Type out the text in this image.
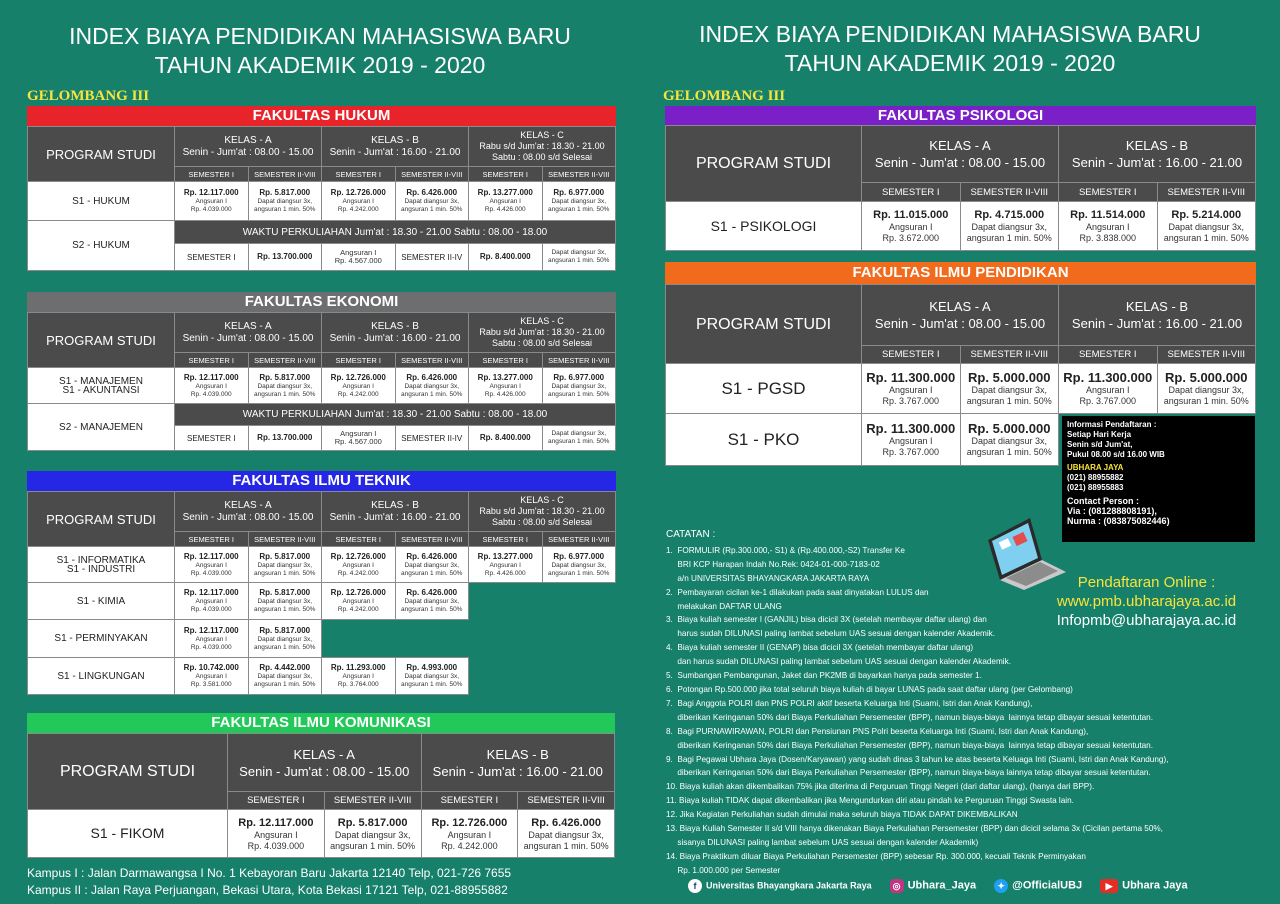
INDEX BIAYA PENDIDIKAN MAHASISWA BARU
TAHUN AKADEMIK 2019 - 2020
INDEX BIAYA PENDIDIKAN MAHASISWA BARU
TAHUN AKADEMIK 2019 - 2020
GELOMBANG III	GELOMBANG III
FAKULTAS HUKUM
PROGRAM STUDI	KELAS - A
Senin - Jum'at : 08.00 - 15.00		KELAS - B
Senin - Jum'at : 16.00 - 21.00		KELAS - C
Rabu s/d Jum'at : 18.30 - 21.00
Sabtu : 08.00 s/d Selesai	
	SEMESTER I	SEMESTER II-VIII	SEMESTER I	SEMESTER II-VIII	SEMESTER I	SEMESTER II-VIII
S1 - HUKUM	Rp. 12.117.000
Angsuran I
Rp. 4.039.000	Rp. 5.817.000
Dapat diangsur 3x,
angsuran 1 min. 50%	Rp. 12.726.000
Angsuran I
Rp. 4.242.000	Rp. 6.426.000
Dapat diangsur 3x,
angsuran 1 min. 50%	Rp. 13.277.000
Angsuran I
Rp. 4.426.000	Rp. 6.977.000
Dapat diangsur 3x,
angsuran 1 min. 50%

S2 - HUKUM	WAKTU PERKULIAHAN Jum'at : 18.30 - 21.00 Sabtu : 08.00 - 18.00					
	SEMESTER I	Rp. 13.700.000	Angsuran I
Rp. 4.567.000	SEMESTER II-IV	Rp. 8.400.000	Dapat diangsur 3x,
angsuran 1 min. 50%
FAKULTAS EKONOMI
PROGRAM STUDI	KELAS - A
Senin - Jum'at : 08.00 - 15.00		KELAS - B
Senin - Jum'at : 16.00 - 21.00		KELAS - C
Rabu s/d Jum'at : 18.30 - 21.00
Sabtu : 08.00 s/d Selesai	
	SEMESTER I	SEMESTER II-VIII	SEMESTER I	SEMESTER II-VIII	SEMESTER I	SEMESTER II-VIII
S1 - MANAJEMEN
S1 - AKUNTANSI	Rp. 12.117.000
Angsuran I
Rp. 4.039.000	Rp. 5.817.000
Dapat diangsur 3x,
angsuran 1 min. 50%	Rp. 12.726.000
Angsuran I
Rp. 4.242.000	Rp. 6.426.000
Dapat diangsur 3x,
angsuran 1 min. 50%	Rp. 13.277.000
Angsuran I
Rp. 4.426.000	Rp. 6.977.000
Dapat diangsur 3x,
angsuran 1 min. 50%

S2 - MANAJEMEN	WAKTU PERKULIAHAN Jum'at : 18.30 - 21.00 Sabtu : 08.00 - 18.00					
	SEMESTER I	Rp. 13.700.000	Angsuran I
Rp. 4.567.000	SEMESTER II-IV	Rp. 8.400.000	Dapat diangsur 3x,
angsuran 1 min. 50%
FAKULTAS ILMU TEKNIK
PROGRAM STUDI	KELAS - A
Senin - Jum'at : 08.00 - 15.00		KELAS - B
Senin - Jum'at : 16.00 - 21.00		KELAS - C
Rabu s/d Jum'at : 18.30 - 21.00
Sabtu : 08.00 s/d Selesai	
	SEMESTER I	SEMESTER II-VIII	SEMESTER I	SEMESTER II-VIII	SEMESTER I	SEMESTER II-VIII
S1 - INFORMATIKA
S1 - INDUSTRI	Rp. 12.117.000
Angsuran I
Rp. 4.039.000	Rp. 5.817.000
Dapat diangsur 3x,
angsuran 1 min. 50%	Rp. 12.726.000
Angsuran I
Rp. 4.242.000	Rp. 6.426.000
Dapat diangsur 3x,
angsuran 1 min. 50%	Rp. 13.277.000
Angsuran I
Rp. 4.426.000	Rp. 6.977.000
Dapat diangsur 3x,
angsuran 1 min. 50%

S1 - KIMIA	Rp. 12.117.000
Angsuran I
Rp. 4.039.000	Rp. 5.817.000
Dapat diangsur 3x,
angsuran 1 min. 50%	Rp. 12.726.000
Angsuran I
Rp. 4.242.000	Rp. 6.426.000
Dapat diangsur 3x,
angsuran 1 min. 50%		

S1 - PERMINYAKAN	Rp. 12.117.000
Angsuran I
Rp. 4.039.000	Rp. 5.817.000
Dapat diangsur 3x,
angsuran 1 min. 50%				

S1 - LINGKUNGAN	Rp. 10.742.000
Angsuran I
Rp. 3.581.000	Rp. 4.442.000
Dapat diangsur 3x,
angsuran 1 min. 50%	Rp. 11.293.000
Angsuran I
Rp. 3.764.000	Rp. 4.993.000
Dapat diangsur 3x,
angsuran 1 min. 50%		

FAKULTAS ILMU KOMUNIKASI
PROGRAM STUDI	KELAS - A
Senin - Jum'at : 08.00 - 15.00		KELAS - B
Senin - Jum'at : 16.00 - 21.00	
	SEMESTER I	SEMESTER II-VIII	SEMESTER I	SEMESTER II-VIII
S1 - FIKOM	Rp. 12.117.000
Angsuran I
Rp. 4.039.000	Rp. 5.817.000
Dapat diangsur 3x,
angsuran 1 min. 50%	Rp. 12.726.000
Angsuran I
Rp. 4.242.000	Rp. 6.426.000
Dapat diangsur 3x,
angsuran 1 min. 50%
FAKULTAS PSIKOLOGI
PROGRAM STUDI	KELAS - A
Senin - Jum'at : 08.00 - 15.00		KELAS - B
Senin - Jum'at : 16.00 - 21.00	
	SEMESTER I	SEMESTER II-VIII	SEMESTER I	SEMESTER II-VIII
S1 - PSIKOLOGI	Rp. 11.015.000
Angsuran I
Rp. 3.672.000	Rp. 4.715.000
Dapat diangsur 3x,
angsuran 1 min. 50%	Rp. 11.514.000
Angsuran I
Rp. 3.838.000	Rp. 5.214.000
Dapat diangsur 3x,
angsuran 1 min. 50%
FAKULTAS ILMU PENDIDIKAN
PROGRAM STUDI	KELAS - A
Senin - Jum'at : 08.00 - 15.00		KELAS - B
Senin - Jum'at : 16.00 - 21.00	
	SEMESTER I	SEMESTER II-VIII	SEMESTER I	SEMESTER II-VIII
S1 - PGSD	Rp. 11.300.000
Angsuran I
Rp. 3.767.000	Rp. 5.000.000
Dapat diangsur 3x,
angsuran 1 min. 50%	Rp. 11.300.000
Angsuran I
Rp. 3.767.000	Rp. 5.000.000
Dapat diangsur 3x,
angsuran 1 min. 50%

S1 - PKO	Rp. 11.300.000
Angsuran I
Rp. 3.767.000	Rp. 5.000.000
Dapat diangsur 3x,
angsuran 1 min. 50%		

Informasi Pendaftaran :
Setiap Hari Kerja
Senin s/d Jum'at,
Pukul 08.00 s/d 16.00 WIB
UBHARA JAYA
(021) 88955882
(021) 88955883
Contact Person :
Via : (081288808191),
Nurma : (083875082446)
Pendaftaran Online :
www.pmb.ubharajaya.ac.id
Infopmb@ubharajaya.ac.id
CATATAN :
1.  FORMULIR (Rp.300.000,- S1) & (Rp.400.000,-S2) Transfer Ke
BRI KCP Harapan Indah No.Rek: 0424-01-000-7183-02
a/n UNIVERSITAS BHAYANGKARA JAKARTA RAYA
2.  Pembayaran cicilan ke-1 dilakukan pada saat dinyatakan LULUS dan
melakukan DAFTAR ULANG
3.  Biaya kuliah semester I (GANJIL) bisa dicicil 3X (setelah membayar daftar ulang) dan
harus sudah DILUNASI paling lambat sebelum UAS sesuai dengan kalender Akademik.
4.  Biaya kuliah semester II (GENAP) bisa dicicil 3X (setelah membayar daftar ulang)
dan harus sudah DILUNASI paling lambat sebelum UAS sesuai dengan kalender Akademik.
5.  Sumbangan Pembangunan, Jaket dan PK2MB di bayarkan hanya pada semester 1.
6.  Potongan Rp.500.000 jika total seluruh biaya kuliah di bayar LUNAS pada saat daftar ulang (per Gelombang)
7.  Bagi Anggota POLRI dan PNS POLRI aktif beserta Keluarga Inti (Suami, Istri dan Anak Kandung),
diberikan Keringanan 50% dari Biaya Perkuliahan Persemester (BPP), namun biaya-biaya  lainnya tetap dibayar sesuai ketentutan.
8.  Bagi PURNAWIRAWAN, POLRI dan Pensiunan PNS Polri beserta Keluarga Inti (Suami, Istri dan Anak Kandung),
diberikan Keringanan 50% dari Biaya Perkuliahan Persemester (BPP), namun biaya-biaya  lainnya tetap dibayar sesuai ketentutan.
9.  Bagi Pegawai Ubhara Jaya (Dosen/Karyawan) yang sudah dinas 3 tahun ke atas beserta Keluaga Inti (Suami, Istri dan Anak Kandung),
diberikan Keringanan 50% dari Biaya Perkuliahan Persemester (BPP), namun biaya-biaya lainnya tetap dibayar sesuai ketentutan.
10. Biaya kuliah akan dikembalikan 75% jika diterima di Perguruan Tinggi Negeri (dari daftar ulang), (hanya dari BPP).
11. Biaya kuliah TIDAK dapat dikembalikan jika Mengundurkan diri atau pindah ke Perguruan Tinggi Swasta lain.
12. Jika Kegiatan Perkuliahan sudah dimulai maka seluruh biaya TIDAK DAPAT DIKEMBALIKAN
13. Biaya Kuliah Semester II s/d VIII hanya dikenakan Biaya Perkuliahan Persemester (BPP) dan dicicil selama 3x (Cicilan pertama 50%,
sisanya DILUNASI paling lambat sebelum UAS sesuai dengan kalender Akademik)
14. Biaya Praktikum diluar Biaya Perkuliahan Persemester (BPP) sebesar Rp. 300.000, kecuali Teknik Perminyakan
Rp. 1.000.000 per Semester
Kampus I : Jalan Darmawangsa I No. 1 Kebayoran Baru Jakarta 12140 Telp, 021-726 7655
Kampus II : Jalan Raya Perjuangan, Bekasi Utara, Kota Bekasi 17121 Telp, 021-88955882	f Universitas Bhayangkara Jakarta Raya	◎ Ubhara_Jaya	✦ @OfficialUBJ	▶ Ubhara Jaya
